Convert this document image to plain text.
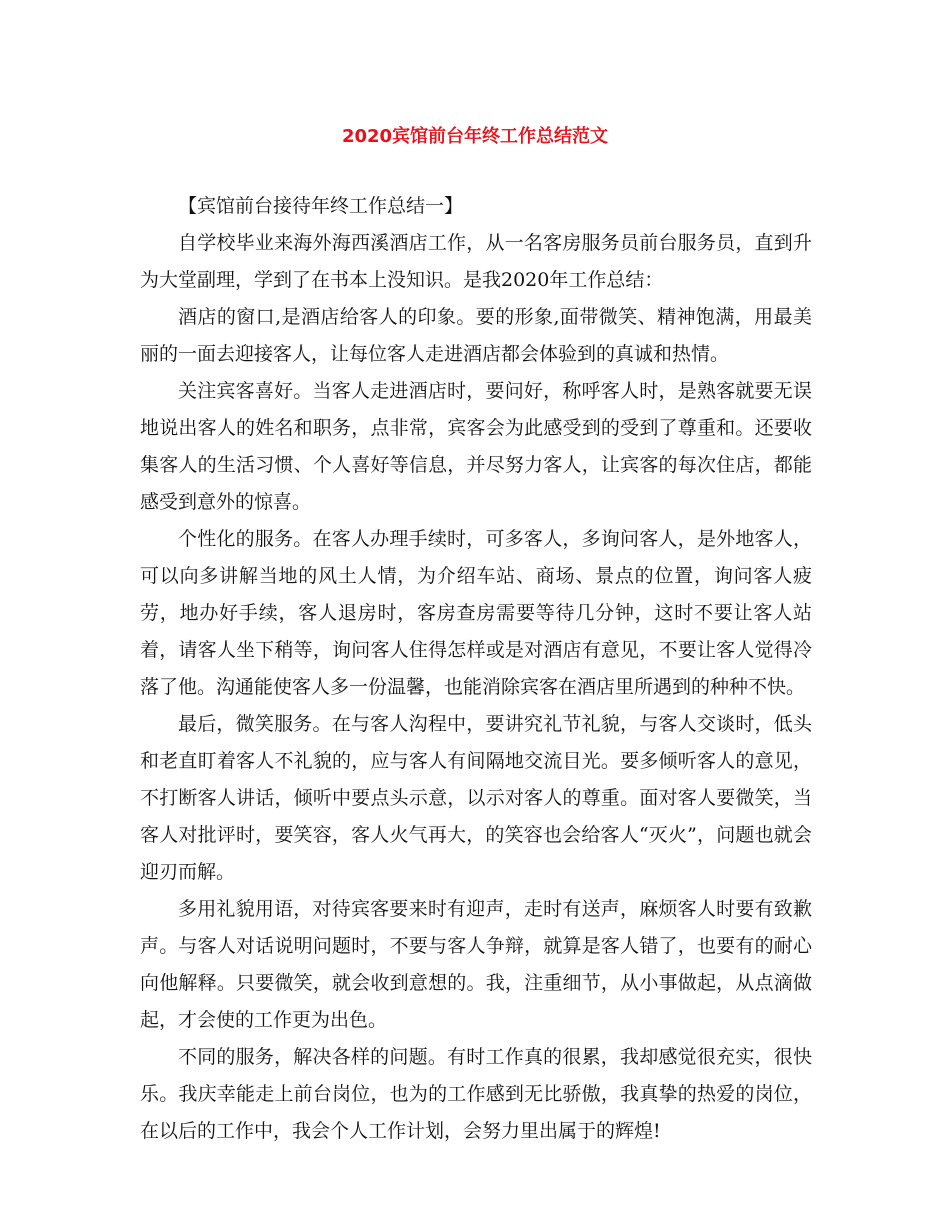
2020宾馆前台年终工作总结范文

【宾馆前台接待年终工作总结一】

自学校毕业来海外海西溪酒店工作，从一名客房服务员前台服务员，直到升为大堂副理，学到了在书本上没知识。是我2020年工作总结：

酒店的窗口,是酒店给客人的印象。要的形象,面带微笑、精神饱满，用最美丽的一面去迎接客人，让每位客人走进酒店都会体验到的真诚和热情。

关注宾客喜好。当客人走进酒店时，要问好，称呼客人时，是熟客就要无误地说出客人的姓名和职务，点非常，宾客会为此感受到的受到了尊重和。还要收集客人的生活习惯、个人喜好等信息，并尽努力客人，让宾客的每次住店，都能感受到意外的惊喜。

个性化的服务。在客人办理手续时，可多客人，多询问客人，是外地客人，可以向多讲解当地的风土人情，为介绍车站、商场、景点的位置，询问客人疲劳，地办好手续，客人退房时，客房查房需要等待几分钟，这时不要让客人站着，请客人坐下稍等，询问客人住得怎样或是对酒店有意见，不要让客人觉得冷落了他。沟通能使客人多一份温馨，也能消除宾客在酒店里所遇到的种种不快。

最后，微笑服务。在与客人沟程中，要讲究礼节礼貌，与客人交谈时，低头和老直盯着客人不礼貌的，应与客人有间隔地交流目光。要多倾听客人的意见，不打断客人讲话，倾听中要点头示意，以示对客人的尊重。面对客人要微笑，当客人对批评时，要笑容，客人火气再大，的笑容也会给客人“灭火”，问题也就会迎刃而解。

多用礼貌用语，对待宾客要来时有迎声，走时有送声，麻烦客人时要有致歉声。与客人对话说明问题时，不要与客人争辩，就算是客人错了，也要有的耐心向他解释。只要微笑，就会收到意想的。我，注重细节，从小事做起，从点滴做起，才会使的工作更为出色。

不同的服务，解决各样的问题。有时工作真的很累，我却感觉很充实，很快乐。我庆幸能走上前台岗位，也为的工作感到无比骄傲，我真挚的热爱的岗位，在以后的工作中，我会个人工作计划，会努力里出属于的辉煌!
